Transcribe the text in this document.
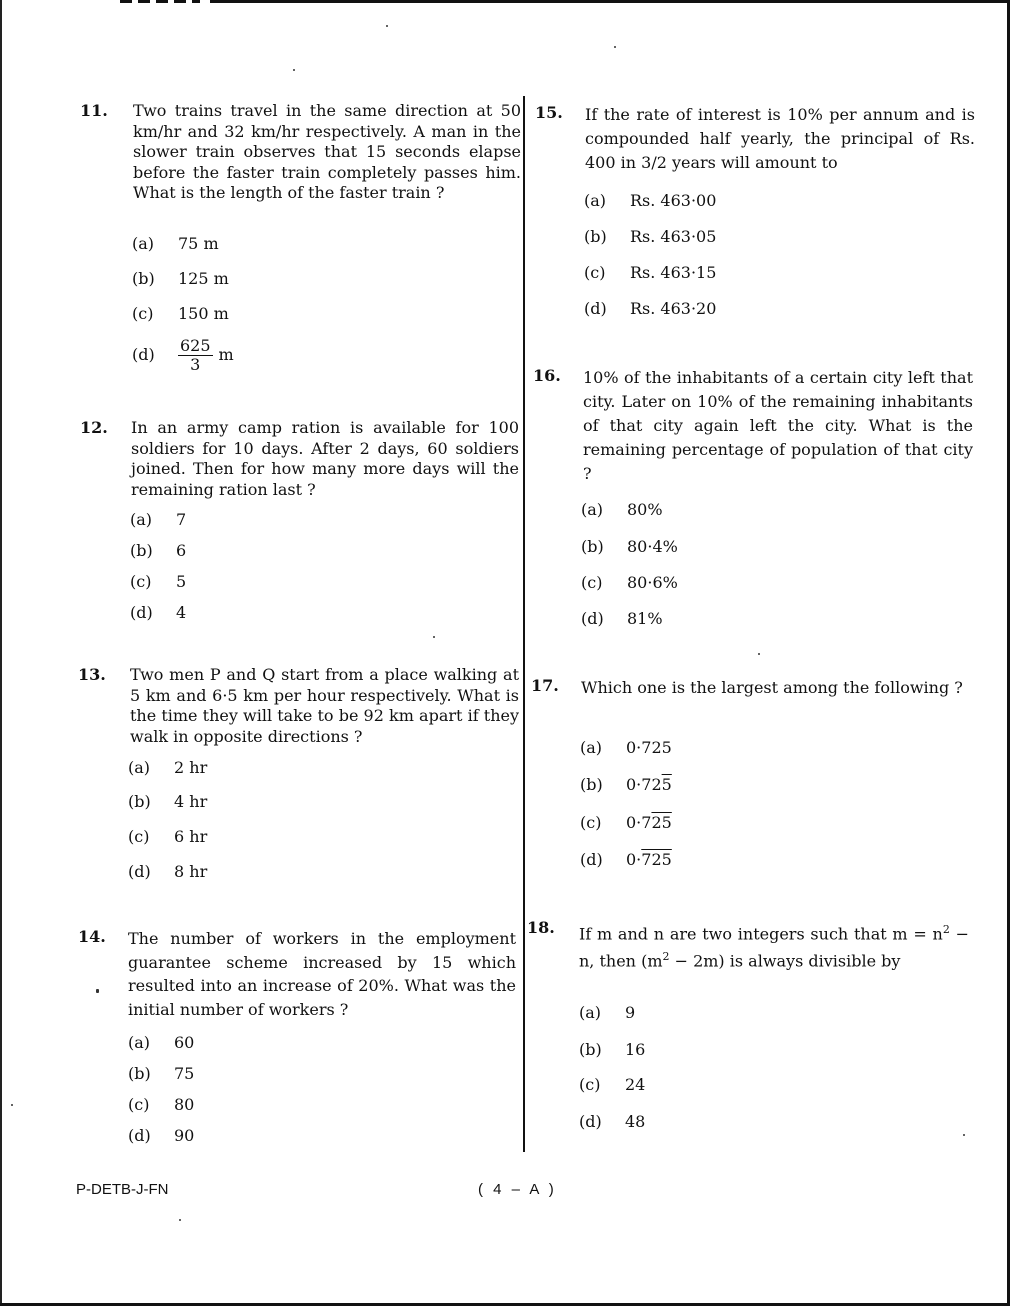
11. Two trains travel in the same direction at 50 km/hr and 32 km/hr respectively. A man in the slower train observes that 15 seconds elapse before the faster train completely passes him. What is the length of the faster train ?
(a) 75 m
(b) 125 m
(c) 150 m
$(d) \frac{625}{3}$ m
12. In an army camp ration is available for 100 soldiers for 10 days. After 2 days, 60 soldiers joined. Then for how many more days will the remaining ration last ?
(a) 7
(b) 6
(c) 5
(d) 4
13. Two men P and Q start from a place walking at 5 km and 6·5 km per hour respectively. What is the time they will take to be 92 km apart if they walk in opposite directions ?
(a) 2 hr
(b) 4 hr
(c) 6 hr
(d) 8 hr
14. The number of workers in the employment guarantee scheme increased by 15 which resulted into an increase of 20%. What was the initial number of workers ?
(a) 60
(b) 75
(c) 80
(d) 90
15. If the rate of interest is 10% per annum and is compounded half yearly, the principal of Rs. 400 in 3/2 years will amount to
(a) Rs. 463·00
(b) Rs. 463·05
(c) Rs. 463·15
(d) Rs. 463·20
16. 10% of the inhabitants of a certain city left that city. Later on 10% of the remaining inhabitants of that city again left the city. What is the remaining percentage of population of that city ?
(a) 80%
(b) 80·4%
(c) 80·6%
(d) 81%
17. Which one is the largest among the following ?
(a) 0·725
(b) 0·725
(c) 0·725
(d) 0·725
18. If m and n are two integers such that $m = n^2 - n$, then $(m^2 - 2m)$ is always divisible by
(a) 9
(b) 16
(c) 24
(d) 48
P-DETB-J-FN	( 4 – A )
